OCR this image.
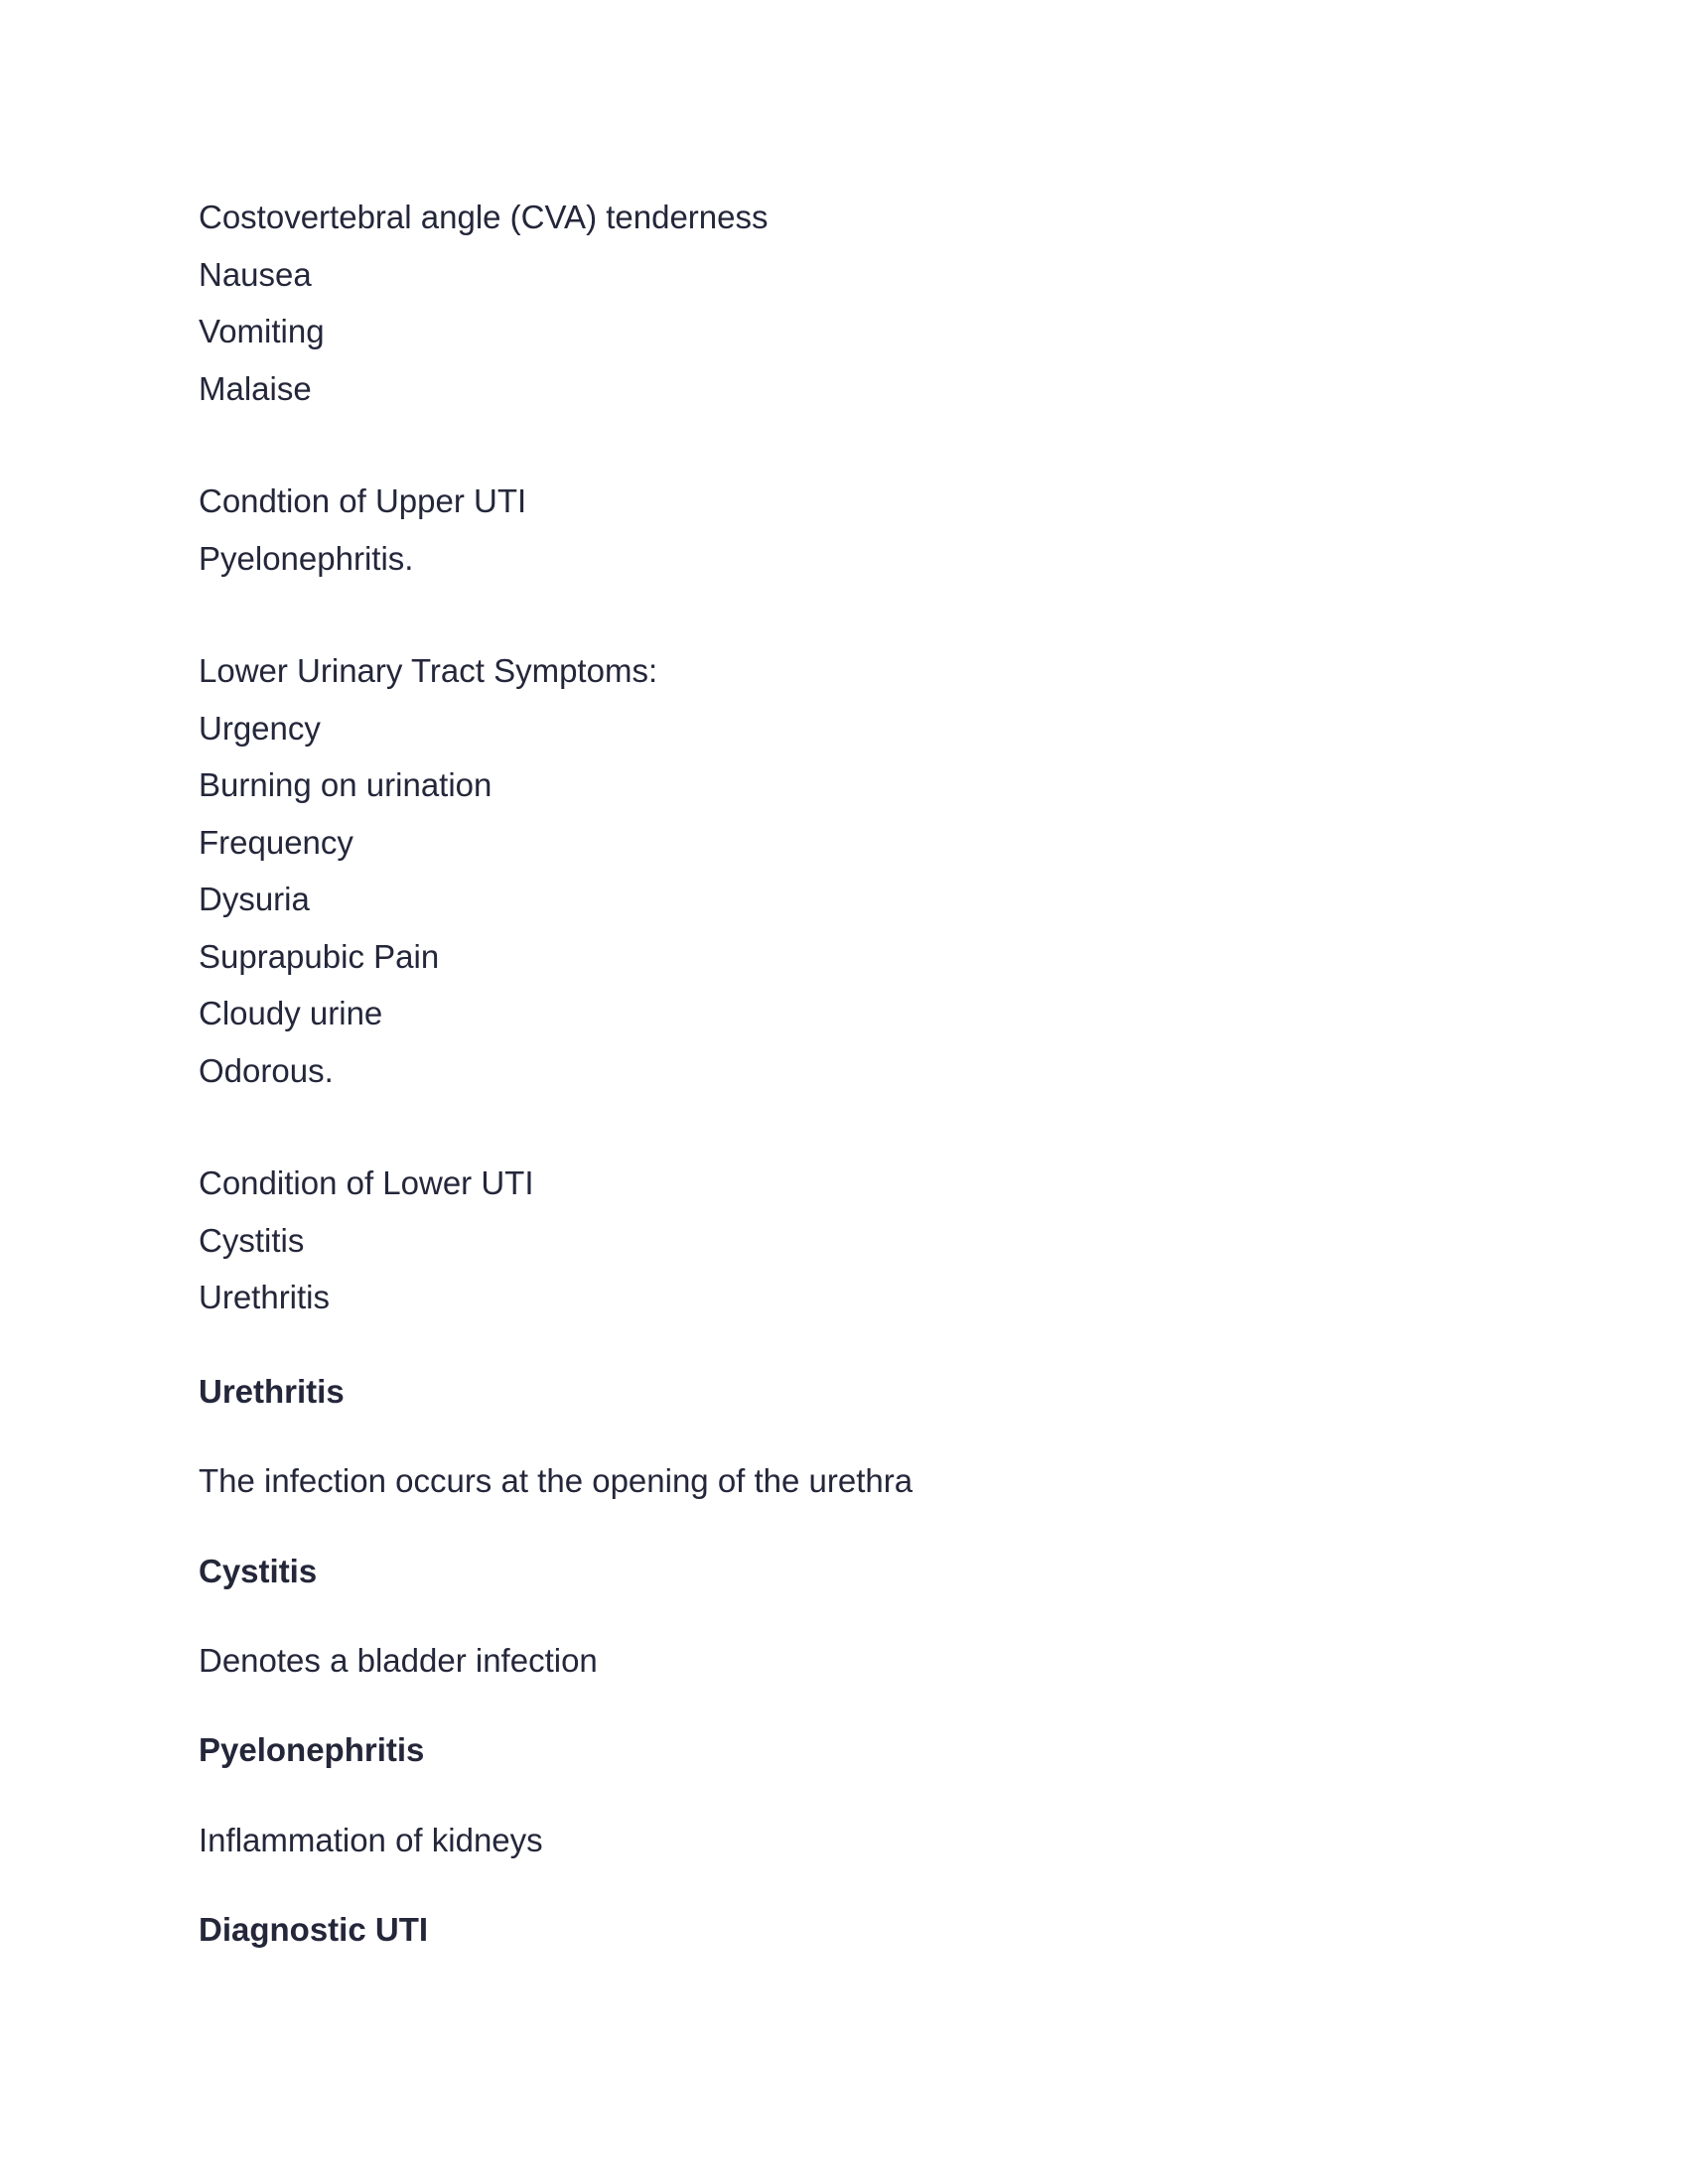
Costovertebral angle (CVA) tenderness
Nausea
Vomiting
Malaise
Condtion of Upper UTI
Pyelonephritis.
Lower Urinary Tract Symptoms:
Urgency
Burning on urination
Frequency
Dysuria
Suprapubic Pain
Cloudy urine
Odorous.
Condition of Lower UTI
Cystitis
Urethritis
Urethritis
The infection occurs at the opening of the urethra
Cystitis
Denotes a bladder infection
Pyelonephritis
Inflammation of kidneys
Diagnostic UTI
